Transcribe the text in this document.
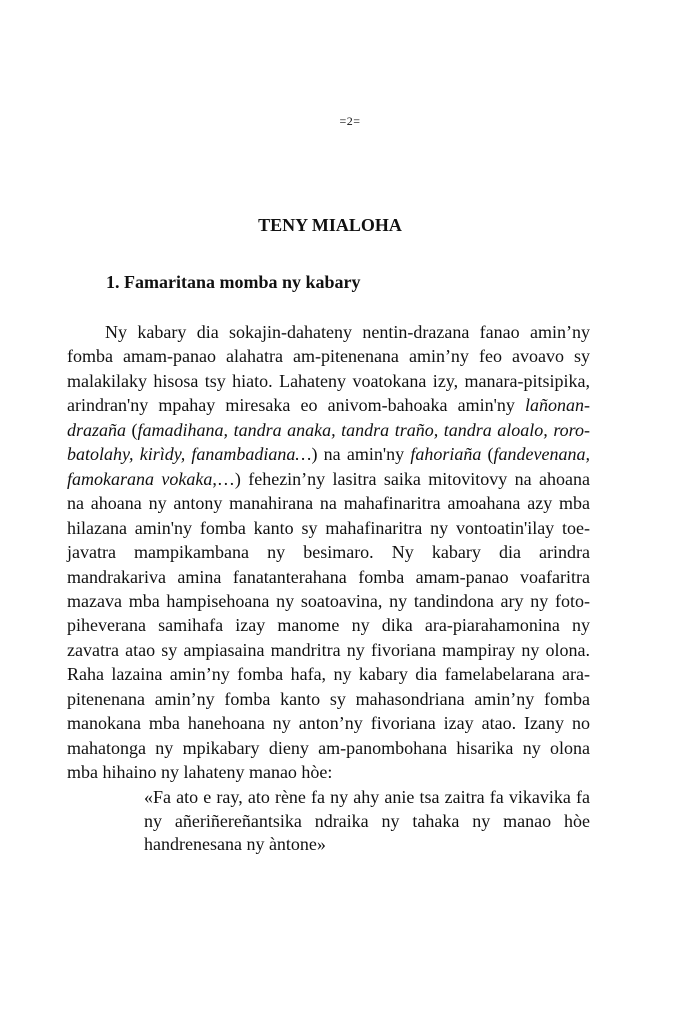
=2=
TENY MIALOHA
1. Famaritana momba ny kabary

Ny kabary dia sokajin-dahateny nentin-drazana fanao amin’ny fomba amam-panao alahatra am-pitenenana amin’ny feo avoavo sy malakilaky hisosa tsy hiato. Lahateny voatokana izy, manara-pitsipika, arindran'ny mpahay miresaka eo anivom-bahoaka amin'ny lañonan-drazaña (famadihana, tandra anaka, tandra traño, tandra aloalo, roro-batolahy, kirìdy, fanambadiana…) na amin'ny fahoriaña (fandevenana, famokarana vokaka,…) fehezin’ny lasitra saika mitovitovy na ahoana na ahoana ny antony manahirana na mahafinaritra amoahana azy mba hilazana amin'ny fomba kanto sy mahafinaritra ny vontoatin'ilay toe-javatra mampikambana ny besimaro. Ny kabary dia arindra mandrakariva amina fanatanterahana fomba amam-panao voafaritra mazava mba hampisehoana ny soatoavina, ny tandindona ary ny foto-piheverana samihafa izay manome ny dika ara-piarahamonina ny zavatra atao sy ampiasaina mandritra ny fivoriana mampiray ny olona. Raha lazaina amin’ny fomba hafa, ny kabary dia famelabelarana ara-pitenenana amin’ny fomba kanto sy mahasondriana amin’ny fomba manokana mba hanehoana ny anton’ny fivoriana izay atao. Izany no mahatonga ny mpikabary dieny am-panombohana hisarika ny olona mba hihaino ny lahateny manao hòe:

«Fa ato e ray, ato rène fa ny ahy anie tsa zaitra fa vikavika fa ny añeriñereñantsika ndraika ny tahaka ny manao hòe handrenesana ny àntone»
